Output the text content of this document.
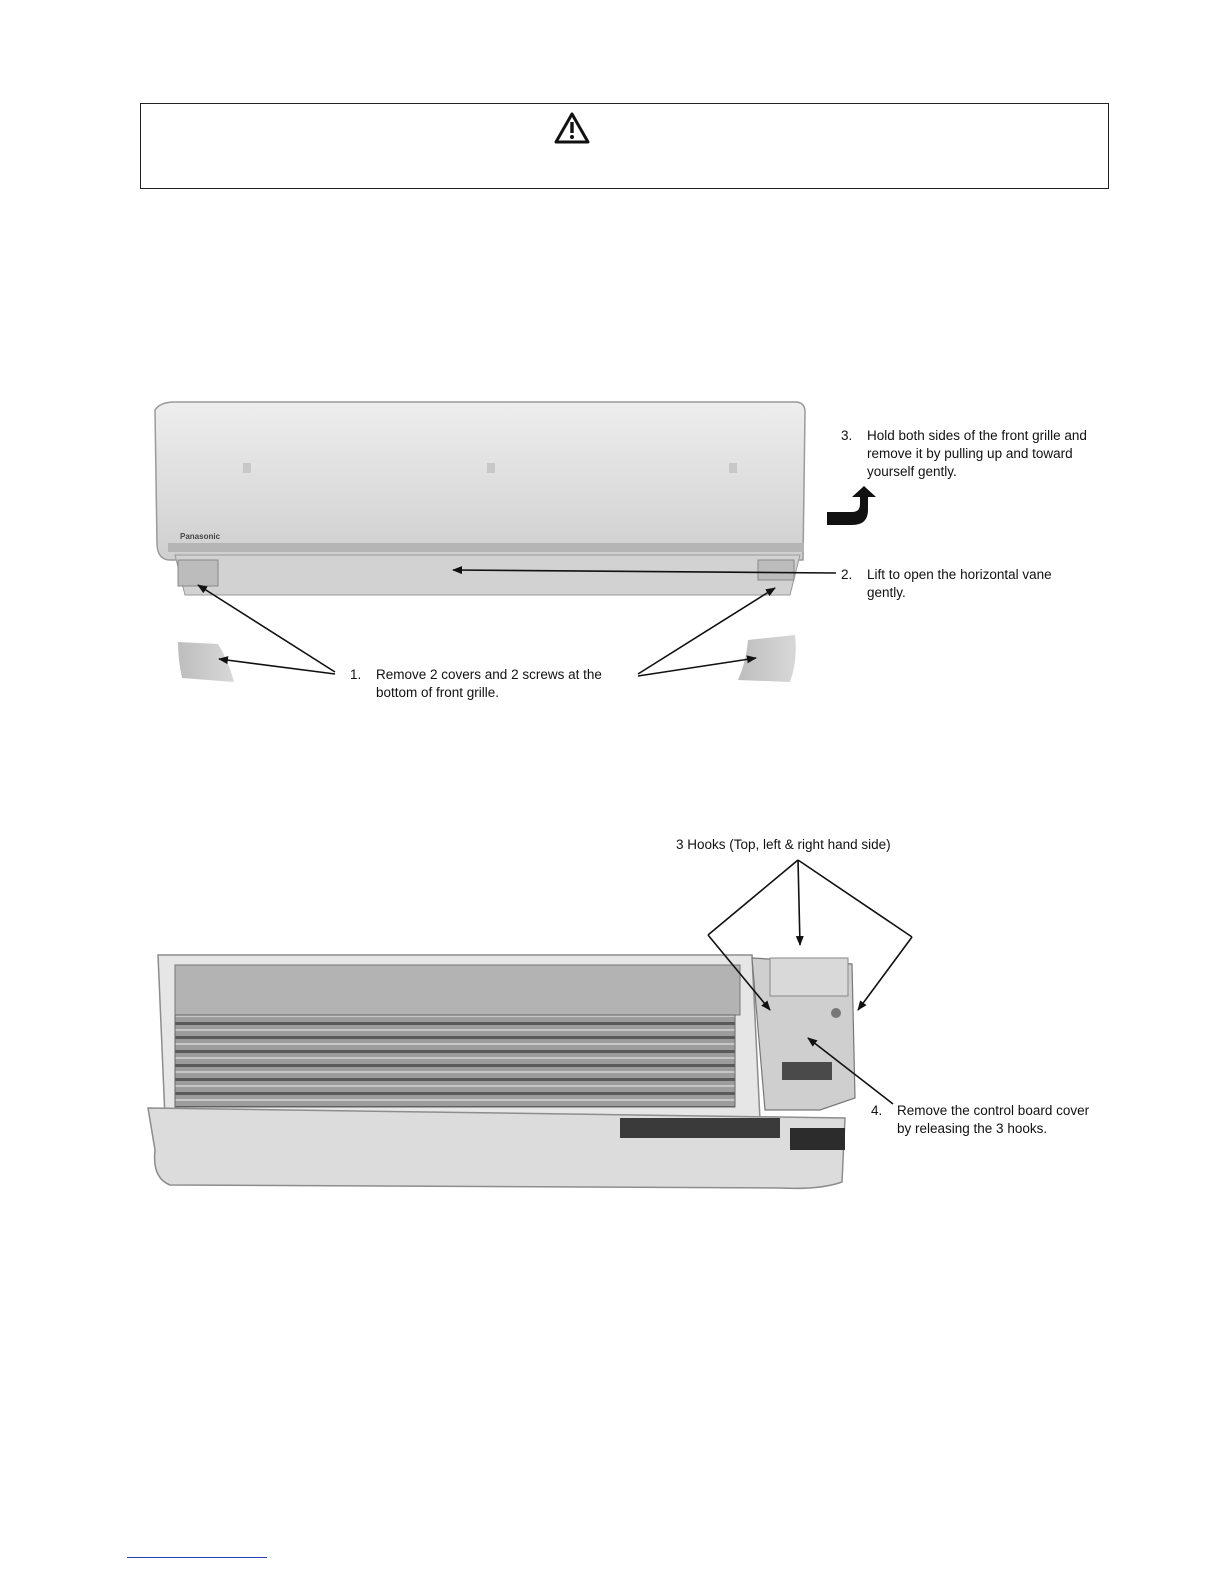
Panasonic
3. Hold both sides of the front grille and
remove it by pulling up and toward
yourself gently.
2. Lift to open the horizontal vane
gently.
1. Remove 2 covers and 2 screws at the
bottom of front grille.
3 Hooks (Top, left & right hand side)
4. Remove the control board cover
by releasing the 3 hooks.
